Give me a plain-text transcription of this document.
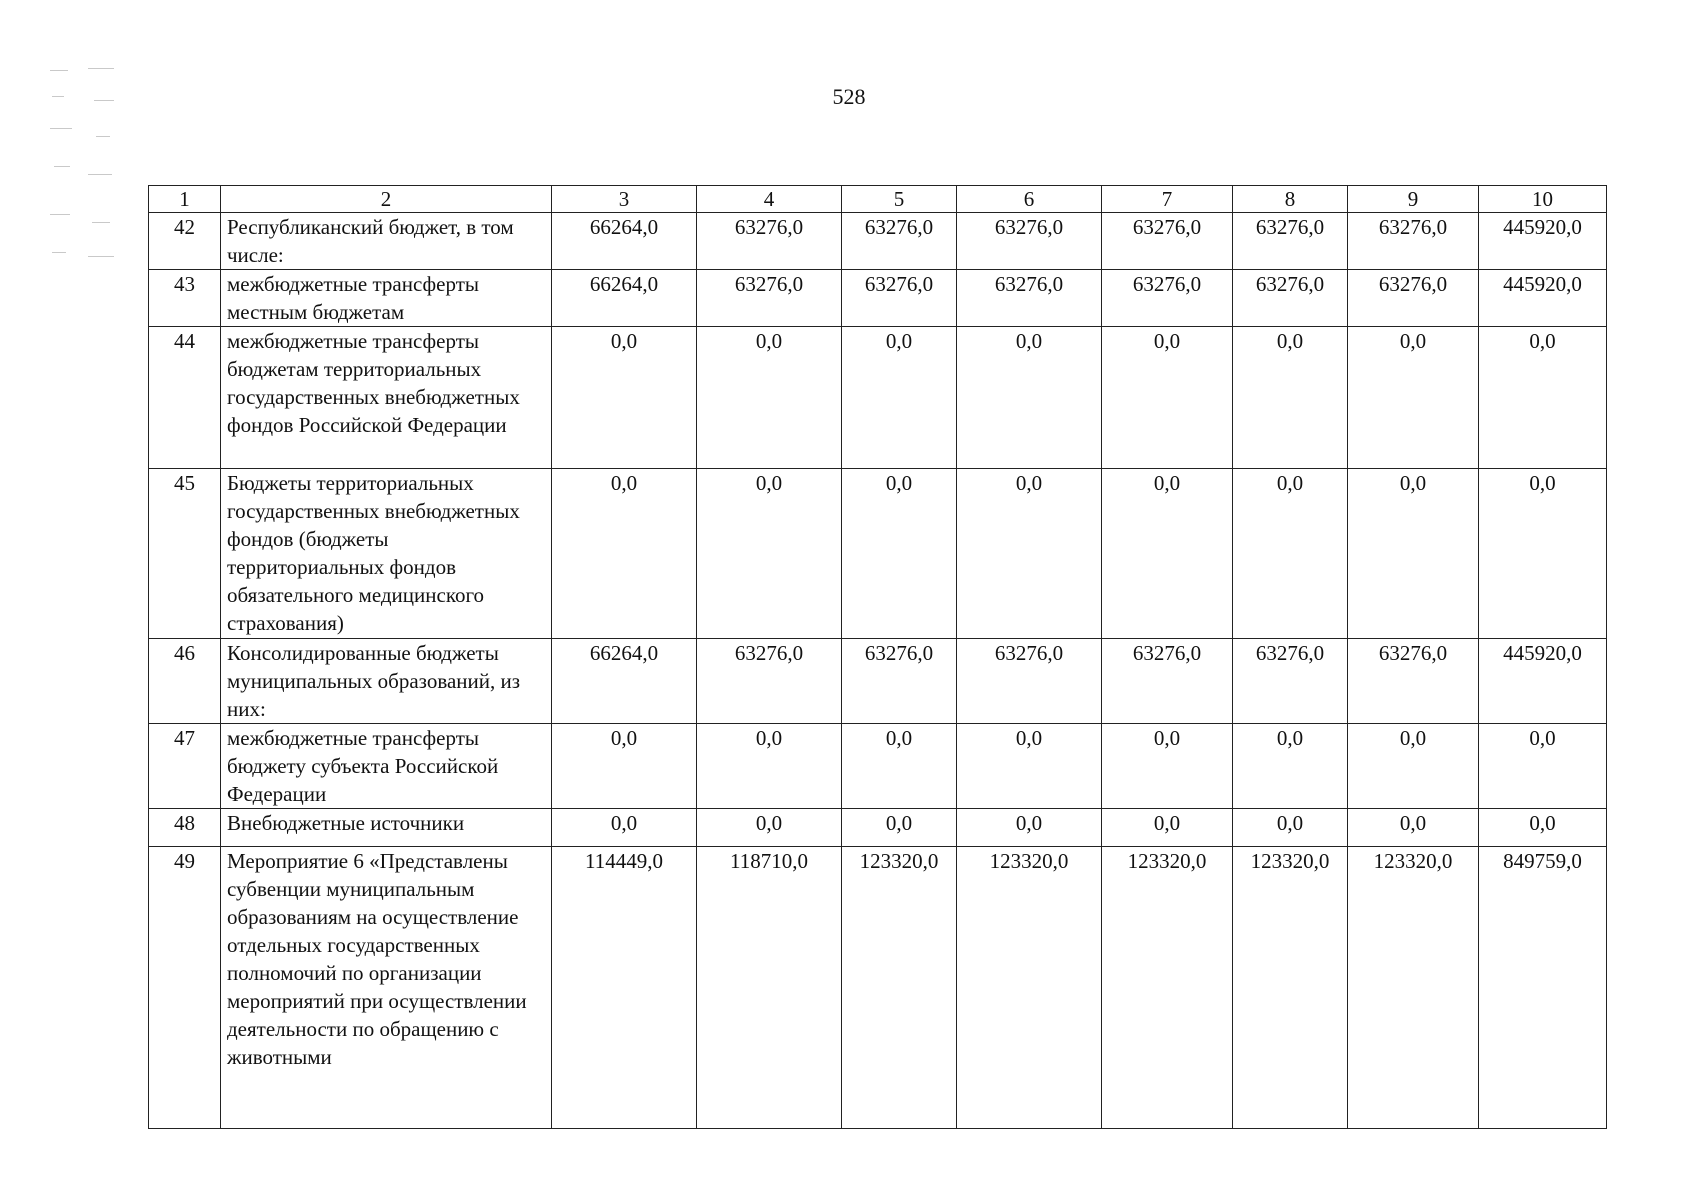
528
1	2	3	4	5	6	7	8	9	10
42	Республиканский бюджет, в том числе:	66264,0	63276,0	63276,0	63276,0	63276,0	63276,0	63276,0	445920,0
43	межбюджетные трансферты местным бюджетам	66264,0	63276,0	63276,0	63276,0	63276,0	63276,0	63276,0	445920,0
44	межбюджетные трансферты бюджетам территориальных государственных внебюджетных фондов Российской Федерации	0,0	0,0	0,0	0,0	0,0	0,0	0,0	0,0
45	Бюджеты территориальных государственных внебюджетных фондов (бюджеты территориальных фондов обязательного медицинского страхования)	0,0	0,0	0,0	0,0	0,0	0,0	0,0	0,0
46	Консолидированные бюджеты муниципальных образований, из них:	66264,0	63276,0	63276,0	63276,0	63276,0	63276,0	63276,0	445920,0
47	межбюджетные трансферты бюджету субъекта Российской Федерации	0,0	0,0	0,0	0,0	0,0	0,0	0,0	0,0
48	Внебюджетные источники	0,0	0,0	0,0	0,0	0,0	0,0	0,0	0,0
49	Мероприятие 6 «Представлены субвенции муниципальным образованиям на осуществление отдельных государственных полномочий по организации мероприятий при осуществлении деятельности по обращению с животными	114449,0	118710,0	123320,0	123320,0	123320,0	123320,0	123320,0	849759,0
